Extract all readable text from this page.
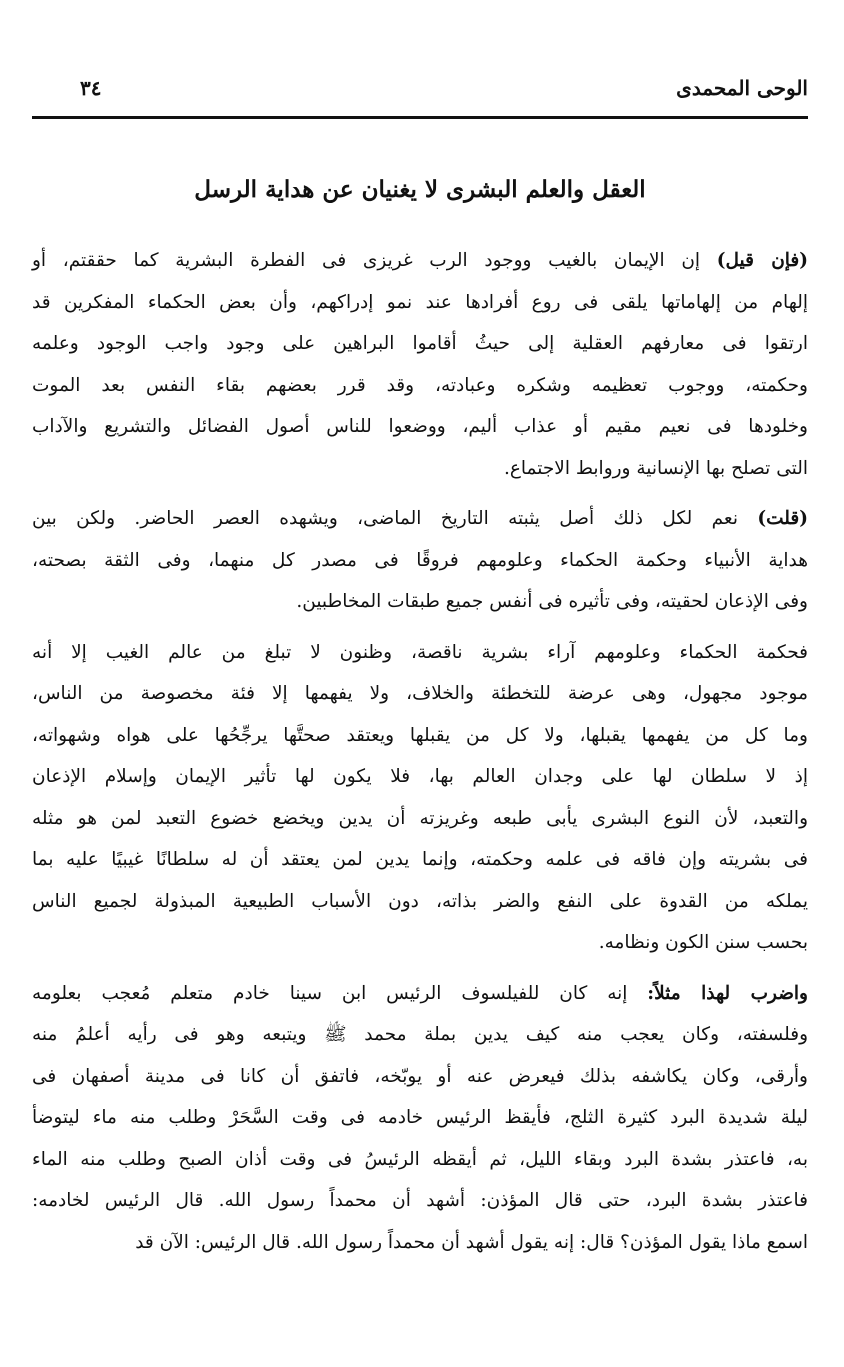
الوحى المحمدى
٣٤
العقل والعلم البشرى لا يغنيان عن هداية الرسل
(فإن قيل) إن الإيمان بالغيب ووجود الرب غريزى فى الفطرة البشرية كما حققتم، أو
إلهام من إلهاماتها يلقى فى روع أفرادها عند نمو إدراكهم، وأن بعض الحكماء المفكرين قد
ارتقوا فى معارفهم العقلية إلى حيثُ أقاموا البراهين على وجود واجب الوجود وعلمه
وحكمته، ووجوب تعظيمه وشكره وعبادته، وقد قرر بعضهم بقاء النفس بعد الموت
وخلودها فى نعيم مقيم أو عذاب أليم، ووضعوا للناس أصول الفضائل والتشريع والآداب
التى تصلح بها الإنسانية وروابط الاجتماع.
(قلت) نعم لكل ذلك أصل يثبته التاريخ الماضى، ويشهده العصر الحاضر. ولكن بين
هداية الأنبياء وحكمة الحكماء وعلومهم فروقًا فى مصدر كل منهما، وفى الثقة بصحته،
وفى الإذعان لحقيته، وفى تأثيره فى أنفس جميع طبقات المخاطبين.
فحكمة الحكماء وعلومهم آراء بشرية ناقصة، وظنون لا تبلغ من عالم الغيب إلا أنه
موجود مجهول، وهى عرضة للتخطئة والخلاف، ولا يفهمها إلا فئة مخصوصة من الناس،
وما كل من يفهمها يقبلها، ولا كل من يقبلها ويعتقد صحتَّها يرجِّحُها على هواه وشهواته،
إذ لا سلطان لها على وجدان العالم بها، فلا يكون لها تأثير الإيمان وإسلام الإذعان
والتعبد، لأن النوع البشرى يأبى طبعه وغريزته أن يدين ويخضع خضوع التعبد لمن هو مثله
فى بشريته وإن فاقه فى علمه وحكمته، وإنما يدين لمن يعتقد أن له سلطانًا غيبيًا عليه بما
يملكه من القدوة على النفع والضر بذاته، دون الأسباب الطبيعية المبذولة لجميع الناس
بحسب سنن الكون ونظامه.
واضرب لهذا مثلاً: إنه كان للفيلسوف الرئيس ابن سينا خادم متعلم مُعجب بعلومه
وفلسفته، وكان يعجب منه كيف يدين بملة محمد ﷺ ويتبعه وهو فى رأيه أعلمُ منه
وأرقى، وكان يكاشفه بذلك فيعرض عنه أو يوبّخه، فاتفق أن كانا فى مدينة أصفهان فى
ليلة شديدة البرد كثيرة الثلج، فأيقظ الرئيس خادمه فى وقت السَّحَرْ وطلب منه ماء ليتوضأ
به، فاعتذر بشدة البرد وبقاء الليل، ثم أيقظه الرئيسُ فى وقت أذان الصبح وطلب منه الماء
فاعتذر بشدة البرد، حتى قال المؤذن: أشهد أن محمداً رسول الله. قال الرئيس لخادمه:
اسمع ماذا يقول المؤذن؟ قال: إنه يقول أشهد أن محمداً رسول الله. قال الرئيس: الآن قد
